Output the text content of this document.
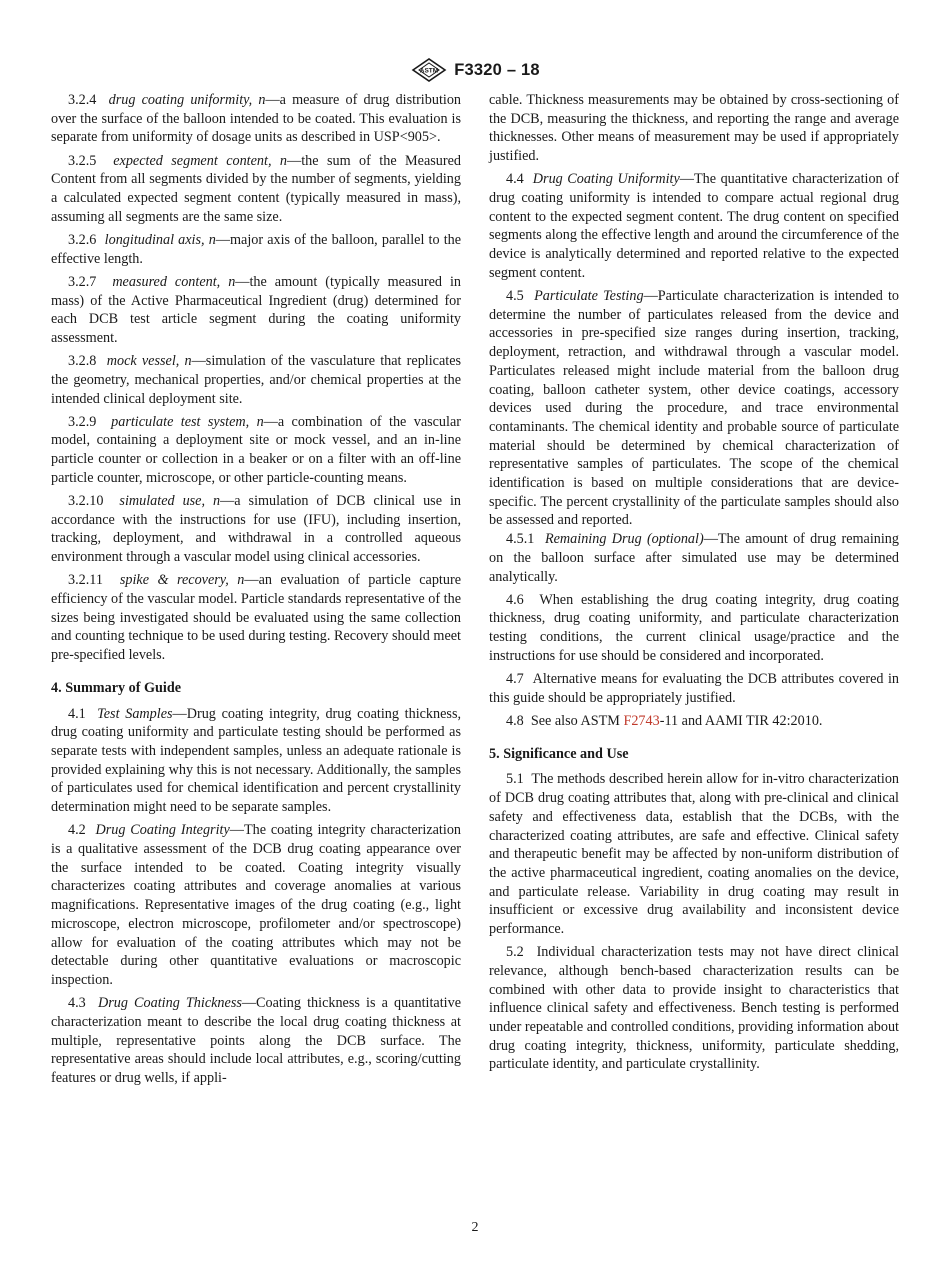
ASTM F3320 – 18

3.2.4 drug coating uniformity, n—a measure of drug distribution over the surface of the balloon intended to be coated. This evaluation is separate from uniformity of dosage units as described in USP<905>.

3.2.5 expected segment content, n—the sum of the Measured Content from all segments divided by the number of segments, yielding a calculated expected segment content (typically measured in mass), assuming all segments are the same size.

3.2.6 longitudinal axis, n—major axis of the balloon, parallel to the effective length.

3.2.7 measured content, n—the amount (typically measured in mass) of the Active Pharmaceutical Ingredient (drug) determined for each DCB test article segment during the coating uniformity assessment.

3.2.8 mock vessel, n—simulation of the vasculature that replicates the geometry, mechanical properties, and/or chemical properties at the intended clinical deployment site.

3.2.9 particulate test system, n—a combination of the vascular model, containing a deployment site or mock vessel, and an in-line particle counter or collection in a beaker or on a filter with an off-line particle counter, microscope, or other particle-counting means.

3.2.10 simulated use, n—a simulation of DCB clinical use in accordance with the instructions for use (IFU), including insertion, tracking, deployment, and withdrawal in a controlled aqueous environment through a vascular model using clinical accessories.

3.2.11 spike & recovery, n—an evaluation of particle capture efficiency of the vascular model. Particle standards representative of the sizes being investigated should be evaluated using the same collection and counting technique to be used during testing. Recovery should meet pre-specified levels.

4. Summary of Guide

4.1 Test Samples—Drug coating integrity, drug coating thickness, drug coating uniformity and particulate testing should be performed as separate tests with independent samples, unless an adequate rationale is provided explaining why this is not necessary. Additionally, the samples of particulates used for chemical identification and percent crystallinity determination might need to be separate samples.

4.2 Drug Coating Integrity—The coating integrity characterization is a qualitative assessment of the DCB drug coating appearance over the surface intended to be coated. Coating integrity visually characterizes coating attributes and coverage anomalies at various magnifications. Representative images of the drug coating (e.g., light microscope, electron microscope, profilometer and/or spectroscope) allow for evaluation of the coating attributes which may not be detectable during other quantitative evaluations or macroscopic inspection.

4.3 Drug Coating Thickness—Coating thickness is a quantitative characterization meant to describe the local drug coating thickness at multiple, representative points along the DCB surface. The representative areas should include local attributes, e.g., scoring/cutting features or drug wells, if appli-

cable. Thickness measurements may be obtained by cross-sectioning of the DCB, measuring the thickness, and reporting the range and average thicknesses. Other means of measurement may be used if appropriately justified.

4.4 Drug Coating Uniformity—The quantitative characterization of drug coating uniformity is intended to compare actual regional drug content to the expected segment content. The drug content on specified segments along the effective length and around the circumference of the device is analytically determined and reported relative to the expected segment content.

4.5 Particulate Testing—Particulate characterization is intended to determine the number of particulates released from the device and accessories in pre-specified size ranges during insertion, tracking, deployment, retraction, and withdrawal through a vascular model. Particulates released might include material from the balloon drug coating, balloon catheter system, other device coatings, accessory devices used during the procedure, and trace environmental contaminants. The chemical identity and probable source of particulate material should be determined by chemical characterization of representative samples of particulates. The scope of the chemical identification is based on multiple considerations that are device-specific. The percent crystallinity of the particulate samples should also be assessed and reported.

4.5.1 Remaining Drug (optional)—The amount of drug remaining on the balloon surface after simulated use may be determined analytically.

4.6 When establishing the drug coating integrity, drug coating thickness, drug coating uniformity, and particulate characterization testing conditions, the current clinical usage/practice and the instructions for use should be considered and incorporated.

4.7 Alternative means for evaluating the DCB attributes covered in this guide should be appropriately justified.

4.8 See also ASTM F2743-11 and AAMI TIR 42:2010.

5. Significance and Use

5.1 The methods described herein allow for in-vitro characterization of DCB drug coating attributes that, along with pre-clinical and clinical safety and effectiveness data, establish that the DCBs, with the characterized coating attributes, are safe and effective. Clinical safety and therapeutic benefit may be affected by non-uniform distribution of the active pharmaceutical ingredient, coating anomalies on the device, and particulate release. Variability in drug coating may result in insufficient or excessive drug availability and inconsistent device performance.

5.2 Individual characterization tests may not have direct clinical relevance, although bench-based characterization results can be combined with other data to provide insight to characteristics that influence clinical safety and effectiveness. Bench testing is performed under repeatable and controlled conditions, providing information about drug coating integrity, thickness, uniformity, particulate shedding, particulate identity, and particulate crystallinity.

2
